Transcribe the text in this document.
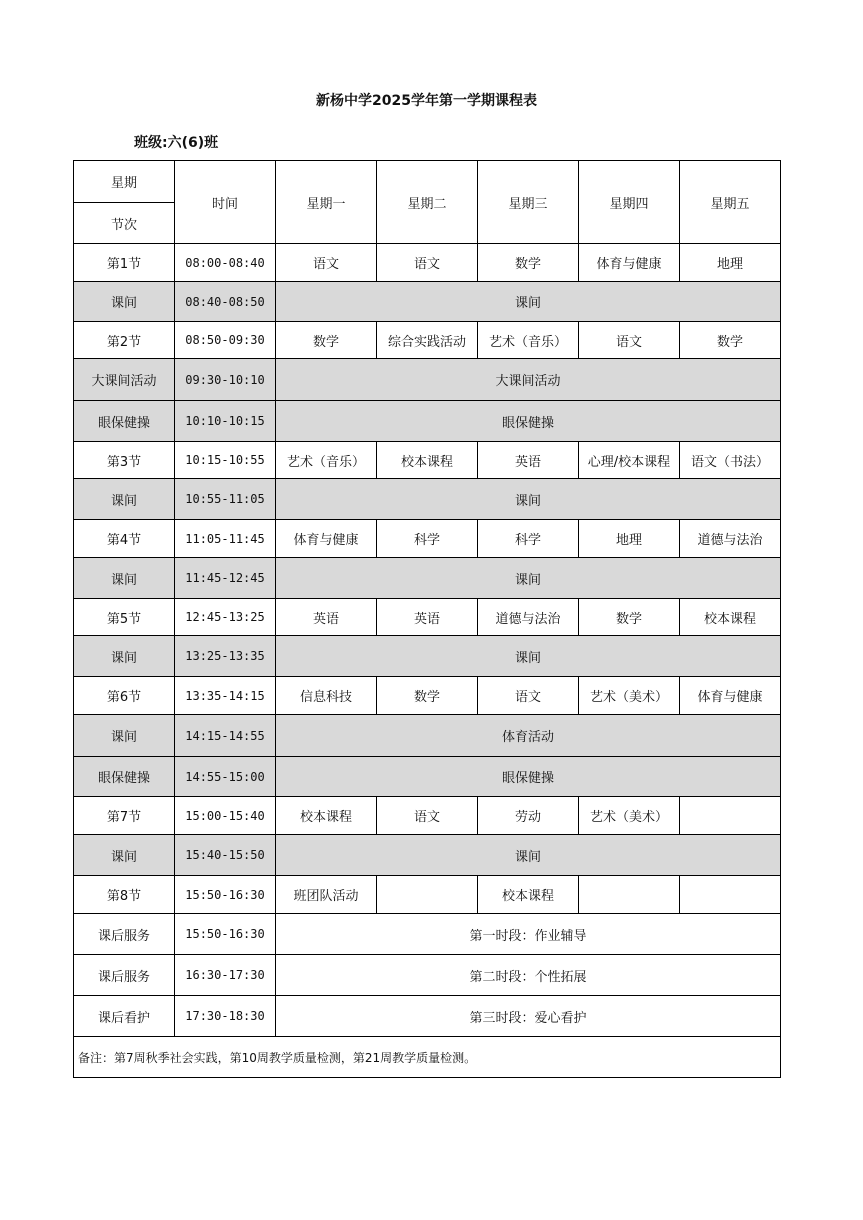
新杨中学2025学年第一学期课程表
班级:六(6)班
星期	时间	星期一	星期二	星期三	星期四	星期五
节次						
第1节	08:00-08:40	语文	语文	数学	体育与健康	地理
课间	08:40-08:50	课间				
第2节	08:50-09:30	数学	综合实践活动	艺术（音乐）	语文	数学
大课间活动	09:30-10:10	大课间活动				
眼保健操	10:10-10:15	眼保健操				
第3节	10:15-10:55	艺术（音乐）	校本课程	英语	心理/校本课程	语文（书法）
课间	10:55-11:05	课间				
第4节	11:05-11:45	体育与健康	科学	科学	地理	道德与法治
课间	11:45-12:45	课间				
第5节	12:45-13:25	英语	英语	道德与法治	数学	校本课程
课间	13:25-13:35	课间				
第6节	13:35-14:15	信息科技	数学	语文	艺术（美术）	体育与健康
课间	14:15-14:55	体育活动				
眼保健操	14:55-15:00	眼保健操				
第7节	15:00-15:40	校本课程	语文	劳动	艺术（美术）	
课间	15:40-15:50	课间				
第8节	15:50-16:30	班团队活动		校本课程		
课后服务	15:50-16:30	第一时段：作业辅导				
课后服务	16:30-17:30	第二时段：个性拓展				
课后看护	17:30-18:30	第三时段：爱心看护				
备注：第7周秋季社会实践，第10周教学质量检测，第21周教学质量检测。						
